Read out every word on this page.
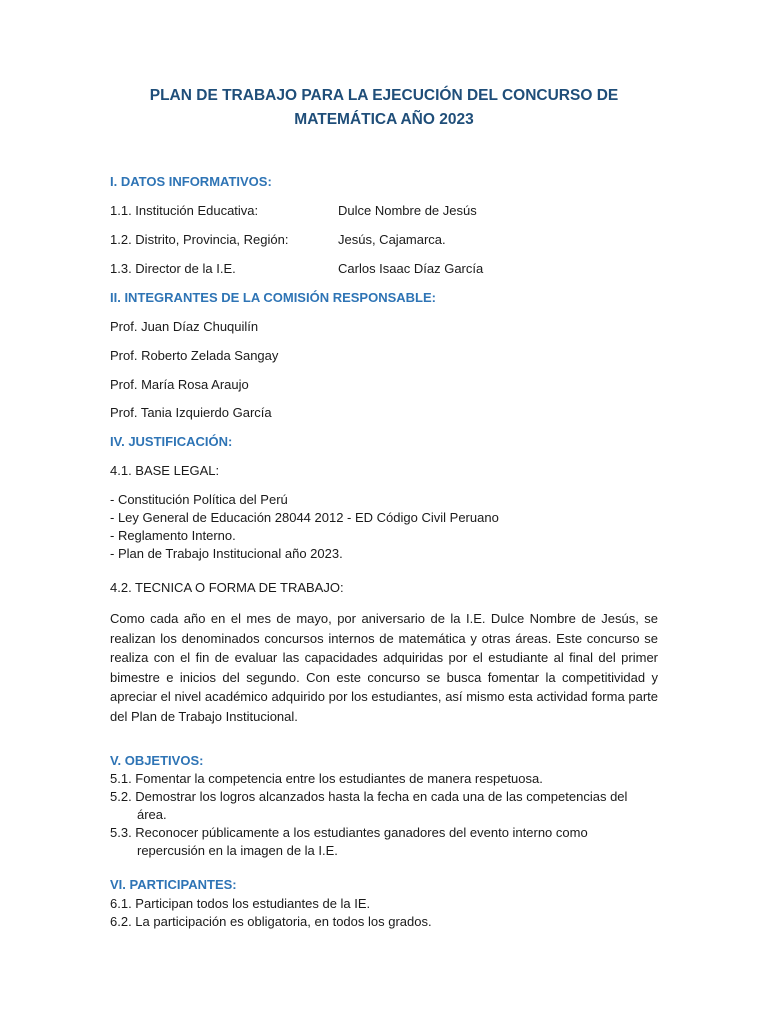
PLAN DE TRABAJO PARA LA EJECUCIÓN DEL CONCURSO DE
MATEMÁTICA AÑO 2023
I. DATOS INFORMATIVOS:
1.1. Institución Educativa:	Dulce Nombre de Jesús
1.2. Distrito, Provincia, Región:	Jesús, Cajamarca.
1.3. Director de la I.E.	Carlos Isaac Díaz García
II. INTEGRANTES DE LA COMISIÓN RESPONSABLE:
Prof. Juan Díaz Chuquilín
Prof. Roberto Zelada Sangay
Prof. María Rosa Araujo
Prof. Tania Izquierdo García
IV. JUSTIFICACIÓN:
4.1. BASE LEGAL:
- Constitución Política del Perú
- Ley General de Educación 28044 2012 - ED Código Civil Peruano
- Reglamento Interno.
- Plan de Trabajo Institucional año 2023.
4.2. TECNICA O FORMA DE TRABAJO:
Como cada año en el mes de mayo, por aniversario de la I.E. Dulce Nombre de Jesús, se realizan los denominados concursos internos de matemática y otras áreas. Este concurso se realiza con el fin de evaluar las capacidades adquiridas por el estudiante al final del primer bimestre e inicios del segundo. Con este concurso se busca fomentar la competitividad y apreciar el nivel académico adquirido por los estudiantes, así mismo esta actividad forma parte del Plan de Trabajo Institucional.
V. OBJETIVOS:
5.1. Fomentar la competencia entre los estudiantes de manera respetuosa.
5.2. Demostrar los logros alcanzados hasta la fecha en cada una de las competencias del área.
5.3. Reconocer públicamente a los estudiantes ganadores del evento interno como repercusión en la imagen de la I.E.
VI. PARTICIPANTES:
6.1. Participan todos los estudiantes de la IE.
6.2. La participación es obligatoria, en todos los grados.
